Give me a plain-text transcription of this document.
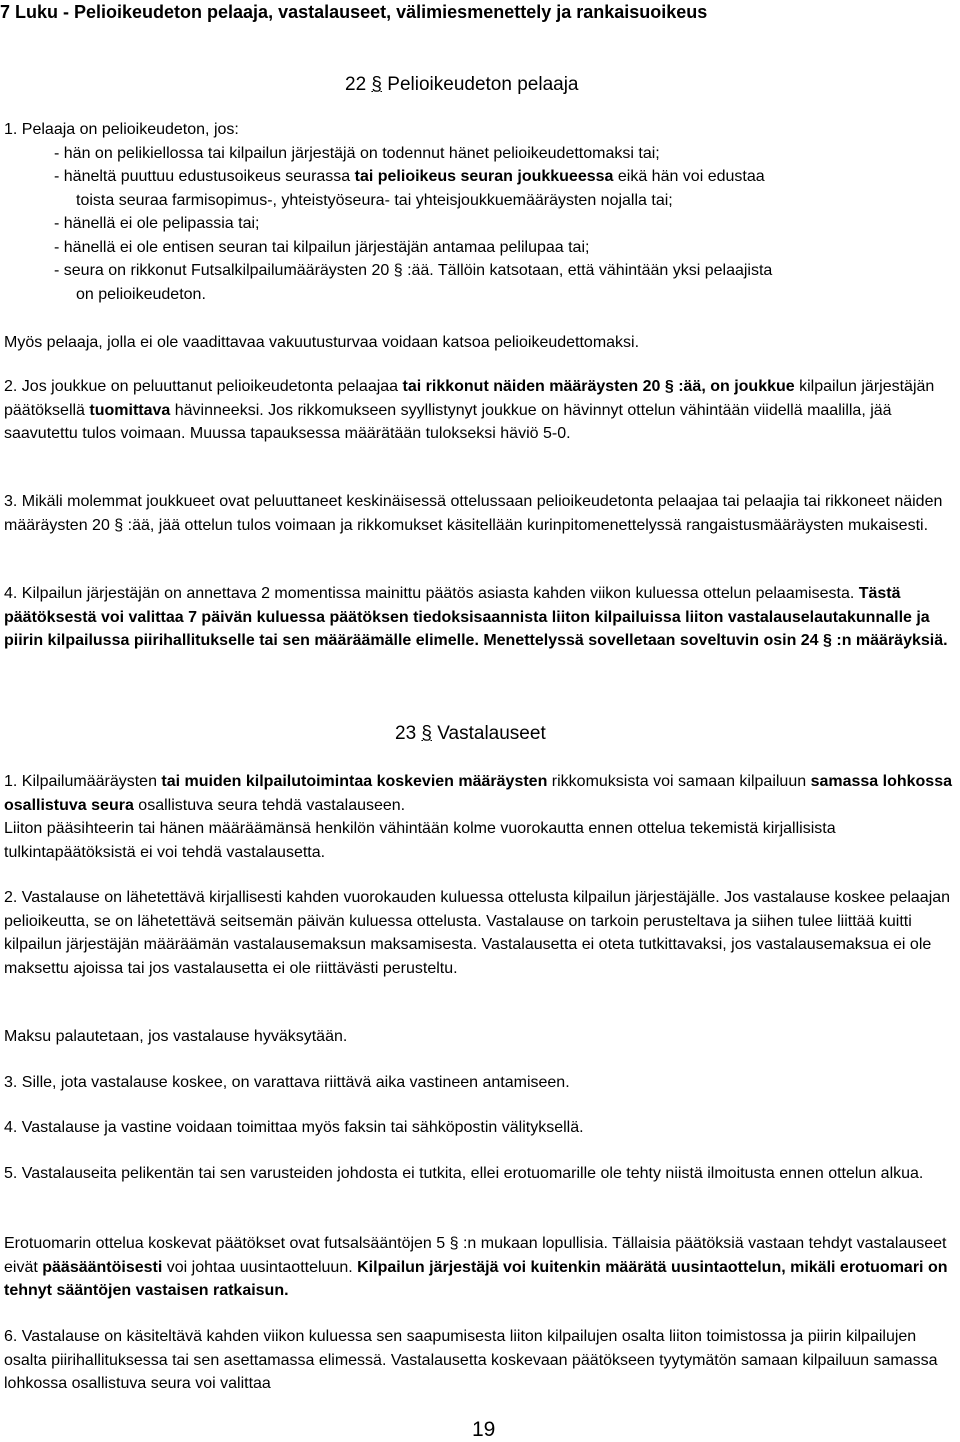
7 Luku - Pelioikeudeton pelaaja, vastalauseet, välimiesmenettely ja rankaisuoikeus
22 § Pelioikeudeton pelaaja
1. Pelaaja on pelioikeudeton, jos:
- hän on pelikiellossa tai kilpailun järjestäjä on todennut hänet pelioikeudettomaksi tai;
- häneltä puuttuu edustusoikeus seurassa tai pelioikeus seuran joukkueessa eikä hän voi edustaa
toista seuraa farmisopimus-, yhteistyöseura- tai yhteisjoukkuemääräysten nojalla tai;
- hänellä ei ole pelipassia tai;
- hänellä ei ole entisen seuran tai kilpailun järjestäjän antamaa pelilupaa tai;
- seura on rikkonut Futsalkilpailumääräysten 20 § :ää. Tällöin katsotaan, että vähintään yksi pelaajista
on pelioikeudeton.

Myös pelaaja, jolla ei ole vaadittavaa vakuutusturvaa voidaan katsoa pelioikeudettomaksi.

2. Jos joukkue on peluuttanut pelioikeudetonta pelaajaa tai rikkonut näiden määräysten 20 § :ää, on joukkue kilpailun järjestäjän päätöksellä tuomittava hävinneeksi. Jos rikkomukseen syyllistynyt joukkue on hävinnyt ottelun vähintään viidellä maalilla, jää saavutettu tulos voimaan. Muussa tapauksessa määrätään tulokseksi häviö 5-0.

3. Mikäli molemmat joukkueet ovat peluuttaneet keskinäisessä ottelussaan pelioikeudetonta pelaajaa tai pelaajia tai rikkoneet näiden määräysten 20 § :ää, jää ottelun tulos voimaan ja rikkomukset käsitellään kurinpitomenettelyssä rangaistusmääräysten mukaisesti.

4. Kilpailun järjestäjän on annettava 2 momentissa mainittu päätös asiasta kahden viikon kuluessa ottelun pelaamisesta. Tästä päätöksestä voi valittaa 7 päivän kuluessa päätöksen tiedoksisaannista liiton kilpailuissa liiton vastalauselautakunnalle ja piirin kilpailussa piirihallitukselle tai sen määräämälle elimelle. Menettelyssä sovelletaan soveltuvin osin 24 § :n määräyksiä.

23 § Vastalauseet

1. Kilpailumääräysten tai muiden kilpailutoimintaa koskevien määräysten rikkomuksista voi samaan kilpailuun samassa lohkossa osallistuva seura osallistuva seura tehdä vastalauseen.
Liiton pääsihteerin tai hänen määräämänsä henkilön vähintään kolme vuorokautta ennen ottelua tekemistä kirjallisista tulkintapäätöksistä ei voi tehdä vastalausetta.

2. Vastalause on lähetettävä kirjallisesti kahden vuorokauden kuluessa ottelusta kilpailun järjestäjälle. Jos vastalause koskee pelaajan pelioikeutta, se on lähetettävä seitsemän päivän kuluessa ottelusta. Vastalause on tarkoin perusteltava ja siihen tulee liittää kuitti kilpailun järjestäjän määräämän vastalausemaksun maksamisesta. Vastalausetta ei oteta tutkittavaksi, jos vastalausemaksua ei ole maksettu ajoissa tai jos vastalausetta ei ole riittävästi perusteltu.

Maksu palautetaan, jos vastalause hyväksytään.

3. Sille, jota vastalause koskee, on varattava riittävä aika vastineen antamiseen.

4. Vastalause ja vastine voidaan toimittaa myös faksin tai sähköpostin välityksellä.

5. Vastalauseita pelikentän tai sen varusteiden johdosta ei tutkita, ellei erotuomarille ole tehty niistä ilmoitusta ennen ottelun alkua.

Erotuomarin ottelua koskevat päätökset ovat futsalsääntöjen 5 § :n mukaan lopullisia. Tällaisia päätöksiä vastaan tehdyt vastalauseet eivät pääsääntöisesti voi johtaa uusintaotteluun. Kilpailun järjestäjä voi kuitenkin määrätä uusintaottelun, mikäli erotuomari on tehnyt sääntöjen vastaisen ratkaisun.

6. Vastalause on käsiteltävä kahden viikon kuluessa sen saapumisesta liiton kilpailujen osalta liiton toimistossa ja piirin kilpailujen osalta piirihallituksessa tai sen asettamassa elimessä. Vastalausetta koskevaan päätökseen tyytymätön samaan kilpailuun samassa lohkossa osallistuva seura voi valittaa

19
